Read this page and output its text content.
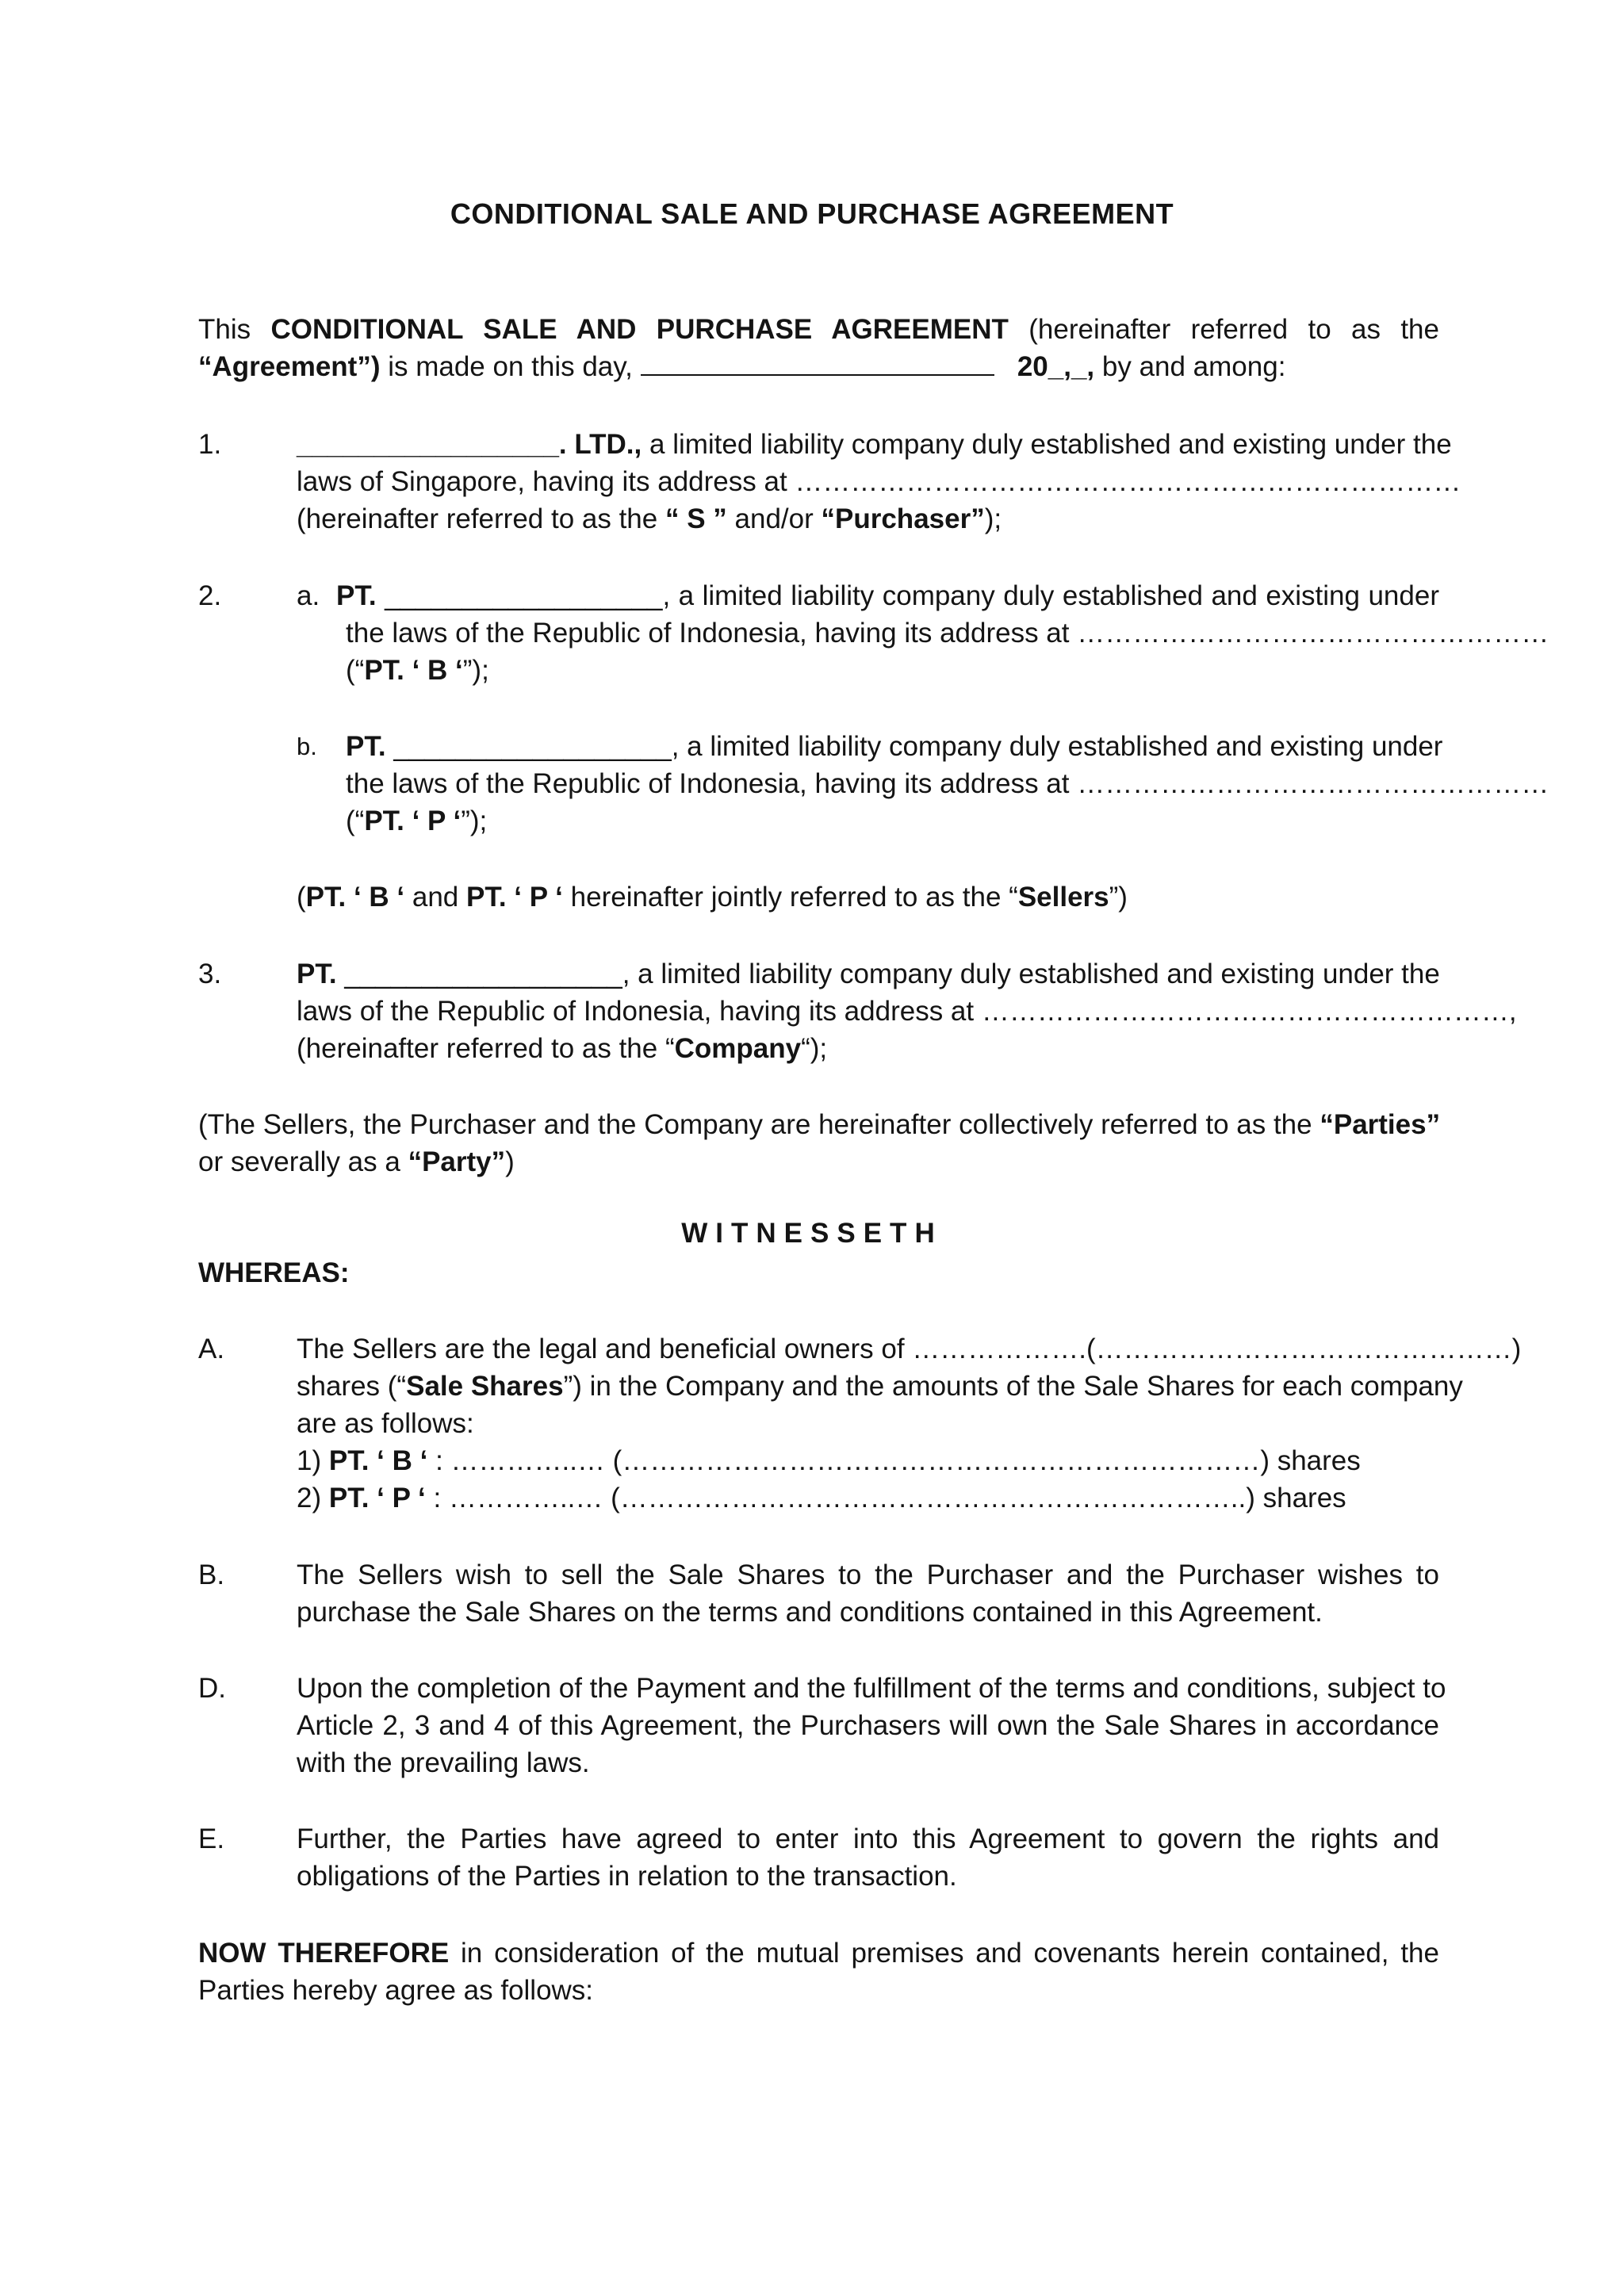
CONDITIONAL SALE AND PURCHASE AGREEMENT
This CONDITIONAL SALE AND PURCHASE AGREEMENT (hereinafter referred to as the
“Agreement”) is made on this day,	20_,_, by and among:
1.	_________________. LTD., a limited liability company duly established and existing under the
laws of Singapore, having its address at ………………………………………………………………
(hereinafter referred to as the “ S ” and/or “Purchaser”);
2.	a. PT. __________________, a limited liability company duly established and existing under
the laws of the Republic of Indonesia, having its address at ……………………………………………
(“PT. ‘ B ‘”);
b. PT. __________________, a limited liability company duly established and existing under
the laws of the Republic of Indonesia, having its address at ……………………………………………
(“PT. ‘ P ‘”);
(PT. ‘ B ‘ and PT. ‘ P ‘ hereinafter jointly referred to as the “Sellers”)
3.	PT. __________________, a limited liability company duly established and existing under the
laws of the Republic of Indonesia, having its address at …………………………………………………,
(hereinafter referred to as the “Company“);
(The Sellers, the Purchaser and the Company are hereinafter collectively referred to as the “Parties”
or severally as a “Party”)
WITNESSETH
WHEREAS:
A.	The Sellers are the legal and beneficial owners of ……………….(………………………………………)
shares (“Sale Shares”) in the Company and the amounts of the Sale Shares for each company
are as follows:
1) PT. ‘ B ‘ : …………..… (……………………………………………………………) shares
2) PT. ‘ P ‘ : …………..… (…………………………………………………………..) shares
B.	The Sellers wish to sell the Sale Shares to the Purchaser and the Purchaser wishes to
purchase the Sale Shares on the terms and conditions contained in this Agreement.
D.	Upon the completion of the Payment and the fulfillment of the terms and conditions, subject to
Article 2, 3 and 4 of this Agreement, the Purchasers will own the Sale Shares in accordance
with the prevailing laws.
E.	Further, the Parties have agreed to enter into this Agreement to govern the rights and
obligations of the Parties in relation to the transaction.
NOW THEREFORE in consideration of the mutual premises and covenants herein contained, the
Parties hereby agree as follows:
